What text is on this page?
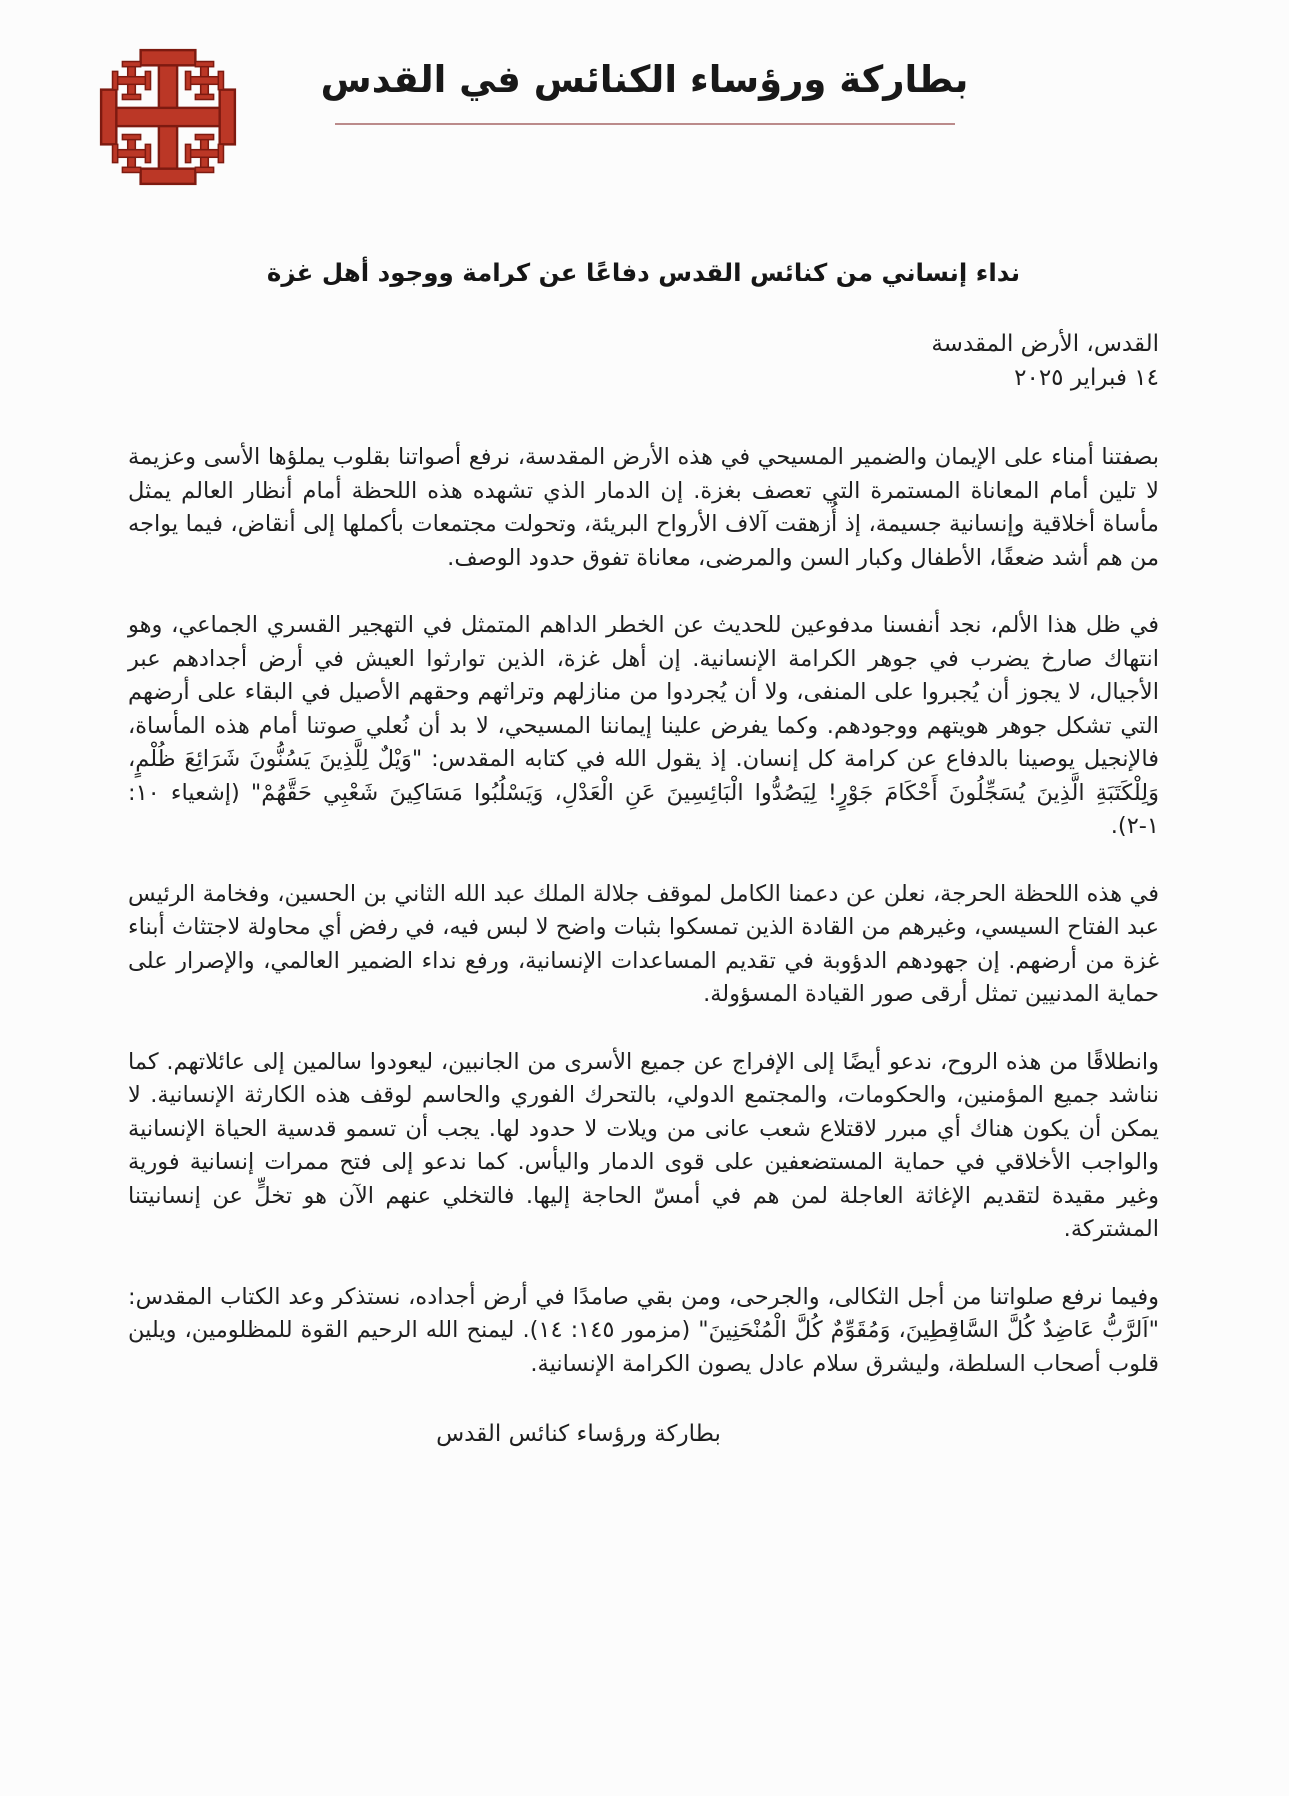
بطاركة ورؤساء الكنائس في القدس
نداء إنساني من كنائس القدس دفاعًا عن كرامة ووجود أهل غزة
القدس، الأرض المقدسة
١٤ فبراير ٢٠٢٥

بصفتنا أمناء على الإيمان والضمير المسيحي في هذه الأرض المقدسة، نرفع أصواتنا بقلوب يملؤها الأسى وعزيمة لا تلين أمام المعاناة المستمرة التي تعصف بغزة. إن الدمار الذي تشهده هذه اللحظة أمام أنظار العالم يمثل مأساة أخلاقية وإنسانية جسيمة، إذ أُزهقت آلاف الأرواح البريئة، وتحولت مجتمعات بأكملها إلى أنقاض، فيما يواجه من هم أشد ضعفًا، الأطفال وكبار السن والمرضى، معاناة تفوق حدود الوصف.

في ظل هذا الألم، نجد أنفسنا مدفوعين للحديث عن الخطر الداهم المتمثل في التهجير القسري الجماعي، وهو انتهاك صارخ يضرب في جوهر الكرامة الإنسانية. إن أهل غزة، الذين توارثوا العيش في أرض أجدادهم عبر الأجيال، لا يجوز أن يُجبروا على المنفى، ولا أن يُجردوا من منازلهم وتراثهم وحقهم الأصيل في البقاء على أرضهم التي تشكل جوهر هويتهم ووجودهم. وكما يفرض علينا إيماننا المسيحي، لا بد أن نُعلي صوتنا أمام هذه المأساة، فالإنجيل يوصينا بالدفاع عن كرامة كل إنسان. إذ يقول الله في كتابه المقدس: "وَيْلٌ لِلَّذِينَ يَسُنُّونَ شَرَائِعَ ظُلْمٍ، وَلِلْكَتَبَةِ الَّذِينَ يُسَجِّلُونَ أَحْكَامَ جَوْرٍ! لِيَصُدُّوا الْبَائِسِينَ عَنِ الْعَدْلِ، وَيَسْلُبُوا مَسَاكِينَ شَعْبِي حَقَّهُمْ" (إشعياء ١٠: ١-٢).

في هذه اللحظة الحرجة، نعلن عن دعمنا الكامل لموقف جلالة الملك عبد الله الثاني بن الحسين، وفخامة الرئيس عبد الفتاح السيسي، وغيرهم من القادة الذين تمسكوا بثبات واضح لا لبس فيه، في رفض أي محاولة لاجتثاث أبناء غزة من أرضهم. إن جهودهم الدؤوبة في تقديم المساعدات الإنسانية، ورفع نداء الضمير العالمي، والإصرار على حماية المدنيين تمثل أرقى صور القيادة المسؤولة.

وانطلاقًا من هذه الروح، ندعو أيضًا إلى الإفراج عن جميع الأسرى من الجانبين، ليعودوا سالمين إلى عائلاتهم. كما نناشد جميع المؤمنين، والحكومات، والمجتمع الدولي، بالتحرك الفوري والحاسم لوقف هذه الكارثة الإنسانية. لا يمكن أن يكون هناك أي مبرر لاقتلاع شعب عانى من ويلات لا حدود لها. يجب أن تسمو قدسية الحياة الإنسانية والواجب الأخلاقي في حماية المستضعفين على قوى الدمار واليأس. كما ندعو إلى فتح ممرات إنسانية فورية وغير مقيدة لتقديم الإغاثة العاجلة لمن هم في أمسّ الحاجة إليها. فالتخلي عنهم الآن هو تخلٍّ عن إنسانيتنا المشتركة.

وفيما نرفع صلواتنا من أجل الثكالى، والجرحى، ومن بقي صامدًا في أرض أجداده، نستذكر وعد الكتاب المقدس: "اَلرَّبُّ عَاضِدٌ كُلَّ السَّاقِطِينَ، وَمُقَوِّمٌ كُلَّ الْمُنْحَنِينَ" (مزمور ١٤٥: ١٤). ليمنح الله الرحيم القوة للمظلومين، ويلين قلوب أصحاب السلطة، وليشرق سلام عادل يصون الكرامة الإنسانية.

بطاركة ورؤساء كنائس القدس
